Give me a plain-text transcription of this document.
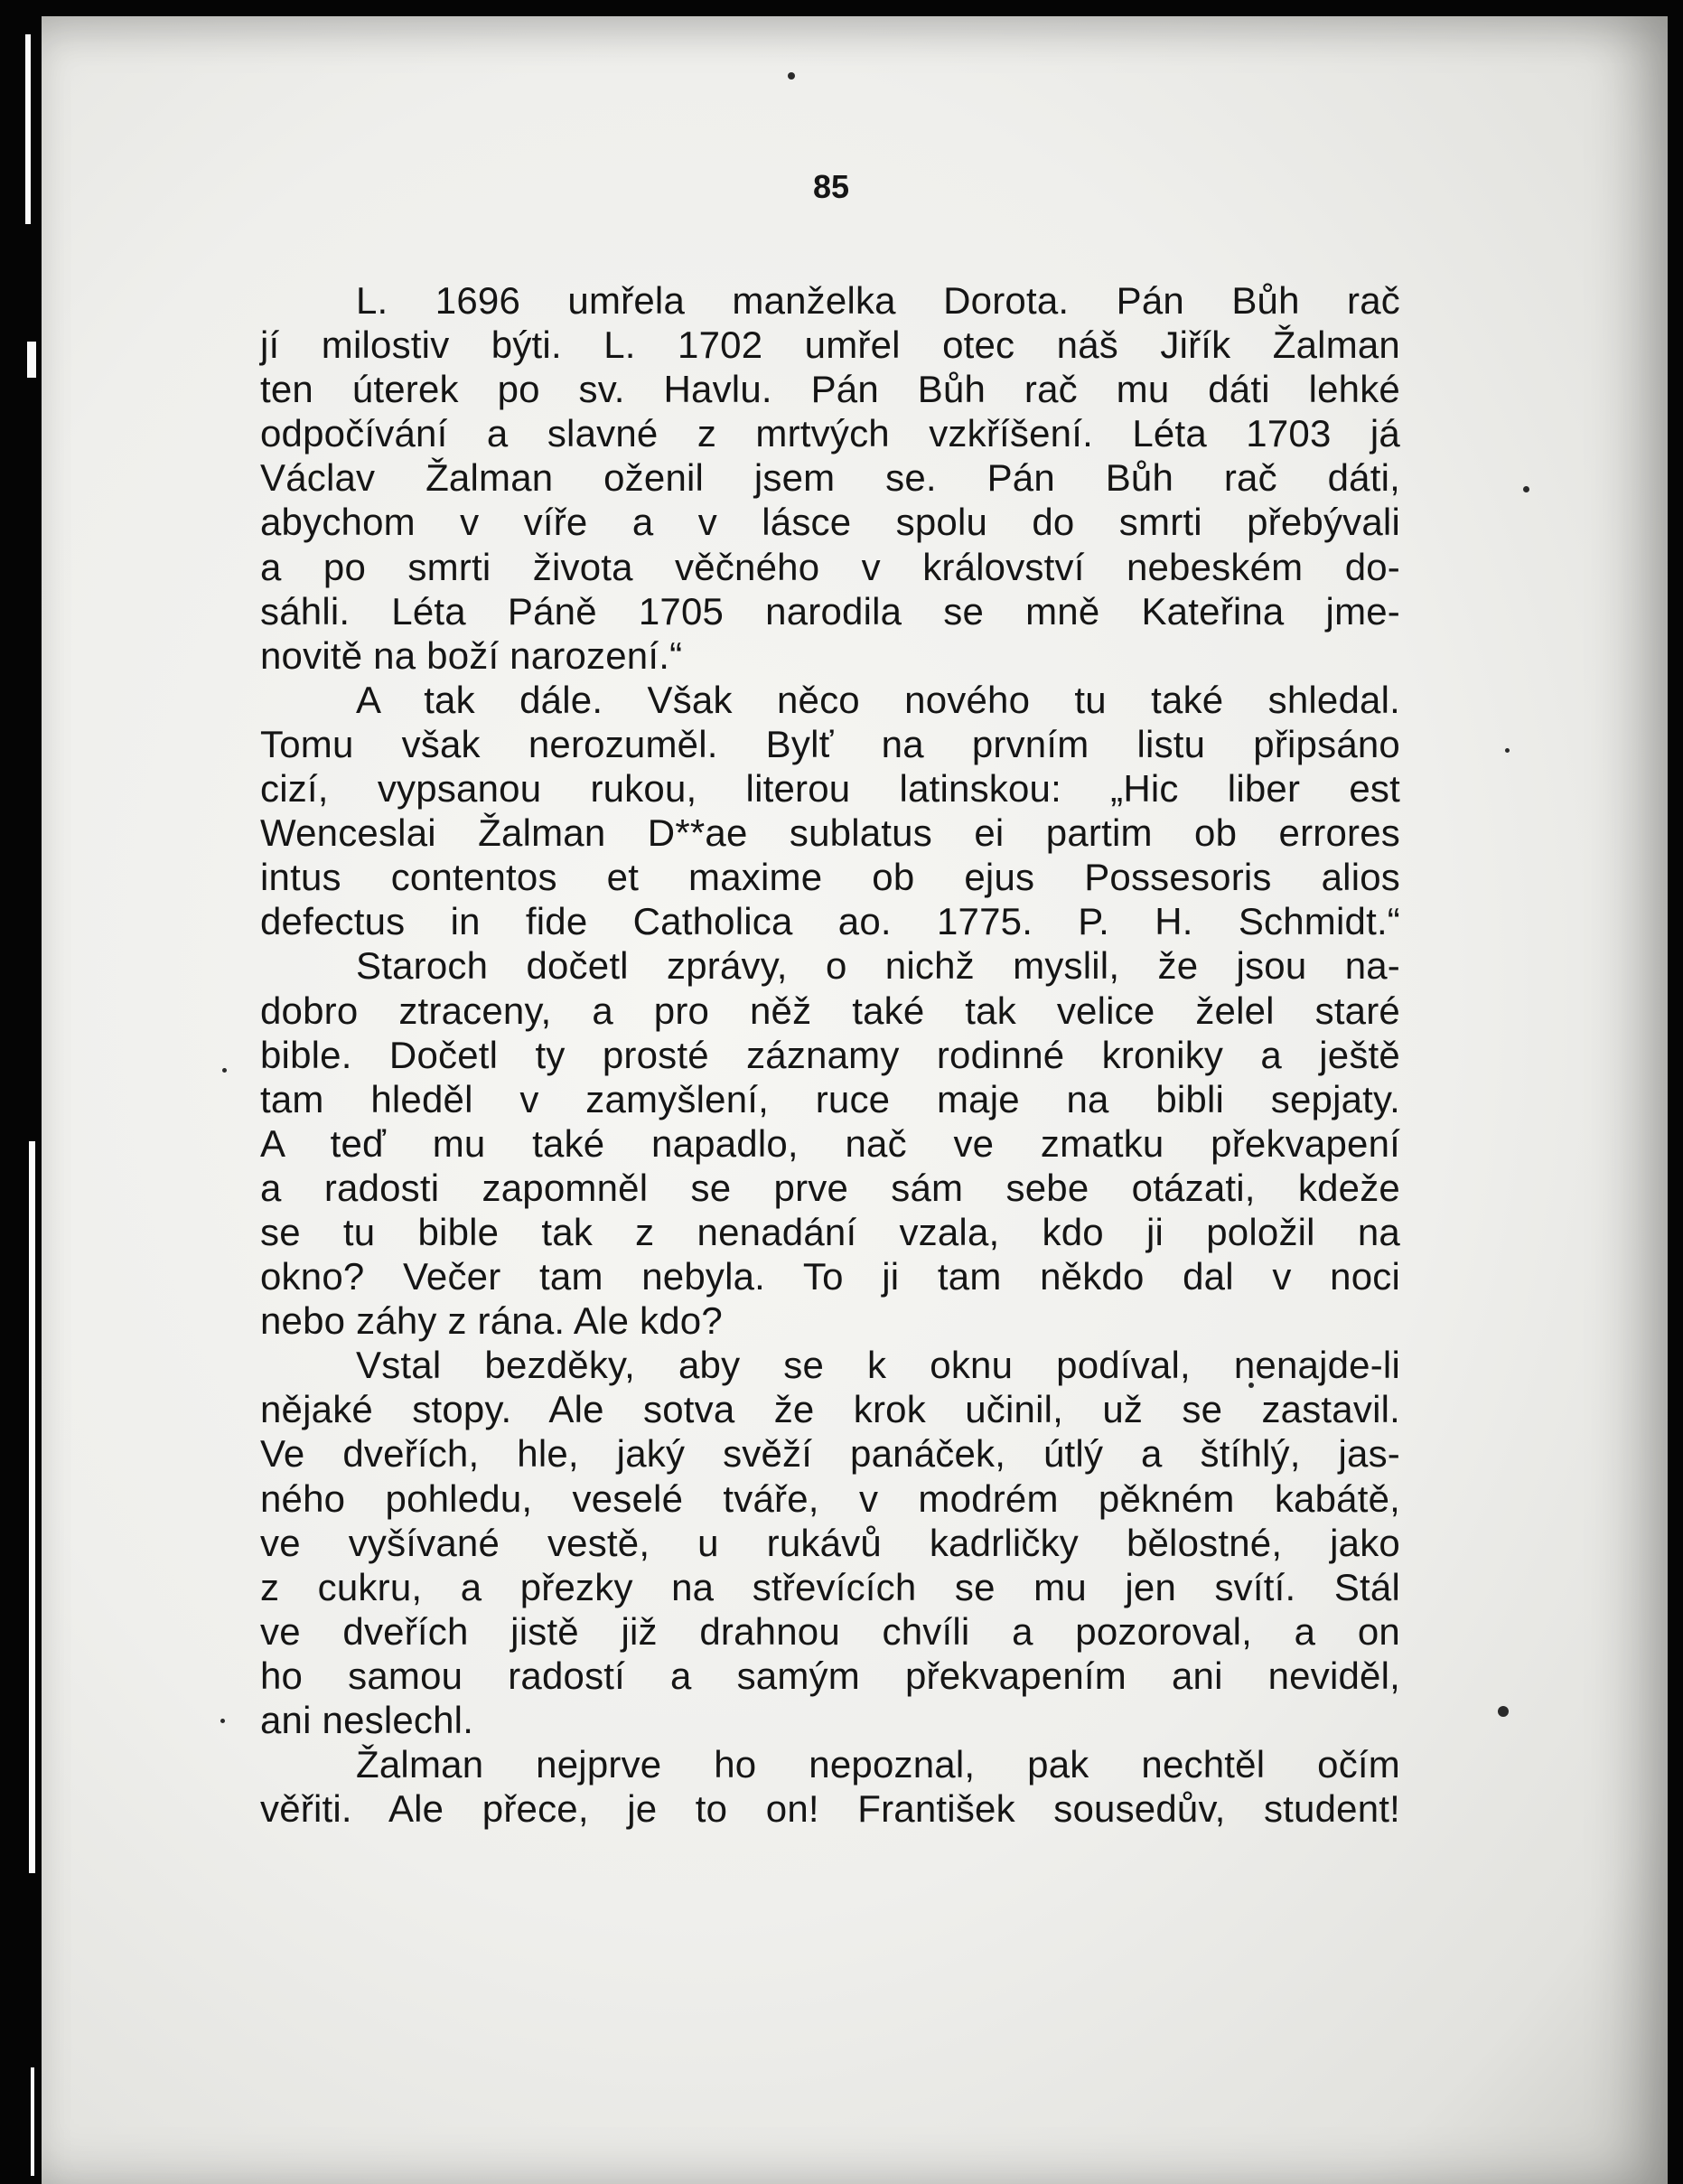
85
L. 1696 umřela manželka Dorota. Pán Bůh rač
jí milostiv býti. L. 1702 umřel otec náš Jiřík Žalman
ten úterek po sv. Havlu. Pán Bůh rač mu dáti lehké
odpočívání a slavné z mrtvých vzkříšení. Léta 1703 já
Václav Žalman oženil jsem se. Pán Bůh rač dáti,
abychom v víře a v lásce spolu do smrti přebývali
a po smrti života věčného v království nebeském do-
sáhli. Léta Páně 1705 narodila se mně Kateřina jme-
novitě na boží narození.“
A tak dále. Však něco nového tu také shledal.
Tomu však nerozuměl. Bylť na prvním listu připsáno
cizí, vypsanou rukou, literou latinskou: „Hic liber est
Wenceslai Žalman D**ae sublatus ei partim ob errores
intus contentos et maxime ob ejus Possesoris alios
defectus in fide Catholica ao. 1775. P. H. Schmidt.“
Staroch dočetl zprávy, o nichž myslil, že jsou na-
dobro ztraceny, a pro něž také tak velice želel staré
bible. Dočetl ty prosté záznamy rodinné kroniky a ještě
tam hleděl v zamyšlení, ruce maje na bibli sepjaty.
A teď mu také napadlo, nač ve zmatku překvapení
a radosti zapomněl se prve sám sebe otázati, kdeže
se tu bible tak z nenadání vzala, kdo ji položil na
okno? Večer tam nebyla. To ji tam někdo dal v noci
nebo záhy z rána. Ale kdo?
Vstal bezděky, aby se k oknu podíval, nenajde-li
nějaké stopy. Ale sotva že krok učinil, už se zastavil.
Ve dveřích, hle, jaký svěží panáček, útlý a štíhlý, jas-
ného pohledu, veselé tváře, v modrém pěkném kabátě,
ve vyšívané vestě, u rukávů kadrličky bělostné, jako
z cukru, a přezky na střevících se mu jen svítí. Stál
ve dveřích jistě již drahnou chvíli a pozoroval, a on
ho samou radostí a samým překvapením ani neviděl,
ani neslechl.
Žalman nejprve ho nepoznal, pak nechtěl očím
věřiti. Ale přece, je to on! František sousedův, student!
